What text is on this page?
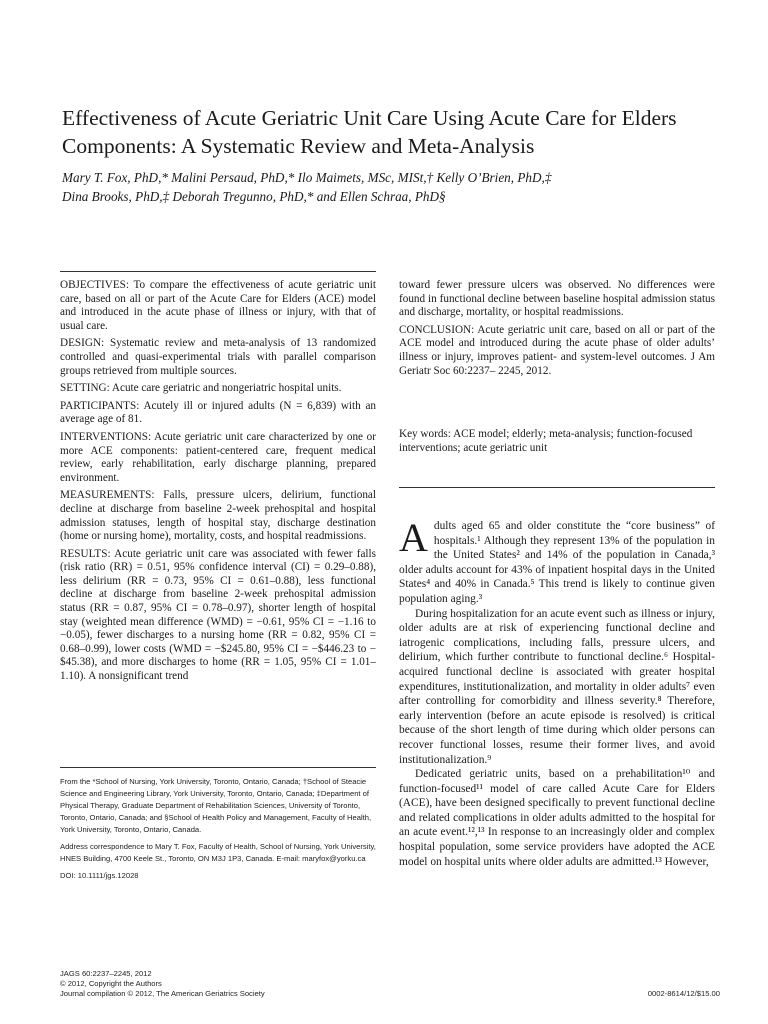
Effectiveness of Acute Geriatric Unit Care Using Acute Care for Elders Components: A Systematic Review and Meta-Analysis
Mary T. Fox, PhD,* Malini Persaud, PhD,* Ilo Maimets, MSc, MISt,† Kelly O’Brien, PhD,‡
Dina Brooks, PhD,‡ Deborah Tregunno, PhD,* and Ellen Schraa, PhD§

OBJECTIVES: To compare the effectiveness of acute geriatric unit care, based on all or part of the Acute Care for Elders (ACE) model and introduced in the acute phase of illness or injury, with that of usual care.

DESIGN: Systematic review and meta-analysis of 13 randomized controlled and quasi-experimental trials with parallel comparison groups retrieved from multiple sources.

SETTING: Acute care geriatric and nongeriatric hospital units.

PARTICIPANTS: Acutely ill or injured adults (N = 6,839) with an average age of 81.

INTERVENTIONS: Acute geriatric unit care characterized by one or more ACE components: patient-centered care, frequent medical review, early rehabilitation, early discharge planning, prepared environment.

MEASUREMENTS: Falls, pressure ulcers, delirium, functional decline at discharge from baseline 2-week prehospital and hospital admission statuses, length of hospital stay, discharge destination (home or nursing home), mortality, costs, and hospital readmissions.

RESULTS: Acute geriatric unit care was associated with fewer falls (risk ratio (RR) = 0.51, 95% confidence interval (CI) = 0.29–0.88), less delirium (RR = 0.73, 95% CI = 0.61–0.88), less functional decline at discharge from baseline 2-week prehospital admission status (RR = 0.87, 95% CI = 0.78–0.97), shorter length of hospital stay (weighted mean difference (WMD) = −0.61, 95% CI = −1.16 to −0.05), fewer discharges to a nursing home (RR = 0.82, 95% CI = 0.68–0.99), lower costs (WMD = −$245.80, 95% CI = −$446.23 to −$45.38), and more discharges to home (RR = 1.05, 95% CI = 1.01–1.10). A nonsignificant trend

toward fewer pressure ulcers was observed. No differences were found in functional decline between baseline hospital admission status and discharge, mortality, or hospital readmissions.

CONCLUSION: Acute geriatric unit care, based on all or part of the ACE model and introduced during the acute phase of older adults’ illness or injury, improves patient- and system-level outcomes. J Am Geriatr Soc 60:2237– 2245, 2012.

Key words: ACE model; elderly; meta-analysis; function-focused interventions; acute geriatric unit

From the *School of Nursing, York University, Toronto, Ontario, Canada; †School of Steacie Science and Engineering Library, York University, Toronto, Ontario, Canada; ‡Department of Physical Therapy, Graduate Department of Rehabilitation Sciences, University of Toronto, Toronto, Ontario, Canada; and §School of Health Policy and Management, Faculty of Health, York University, Toronto, Ontario, Canada.

Address correspondence to Mary T. Fox, Faculty of Health, School of Nursing, York University, HNES Building, 4700 Keele St., Toronto, ON M3J 1P3, Canada. E-mail: maryfox@yorku.ca

DOI: 10.1111/jgs.12028

Adults aged 65 and older constitute the “core business” of hospitals.¹ Although they represent 13% of the population in the United States² and 14% of the population in Canada,³ older adults account for 43% of inpatient hospital days in the United States⁴ and 40% in Canada.⁵ This trend is likely to continue given population aging.³

During hospitalization for an acute event such as illness or injury, older adults are at risk of experiencing functional decline and iatrogenic complications, including falls, pressure ulcers, and delirium, which further contribute to functional decline.⁶ Hospital-acquired functional decline is associated with greater hospital expenditures, institutionalization, and mortality in older adults⁷ even after controlling for comorbidity and illness severity.⁸ Therefore, early intervention (before an acute episode is resolved) is critical because of the short length of time during which older persons can recover functional losses, resume their former lives, and avoid institutionalization.⁹

Dedicated geriatric units, based on a prehabilitation¹⁰ and function-focused¹¹ model of care called Acute Care for Elders (ACE), have been designed specifically to prevent functional decline and related complications in older adults admitted to the hospital for an acute event.¹²,¹³ In response to an increasingly older and complex hospital population, some service providers have adopted the ACE model on hospital units where older adults are admitted.¹³ However,

JAGS 60:2237–2245, 2012
© 2012, Copyright the Authors
Journal compilation © 2012, The American Geriatrics Society	0002-8614/12/$15.00
